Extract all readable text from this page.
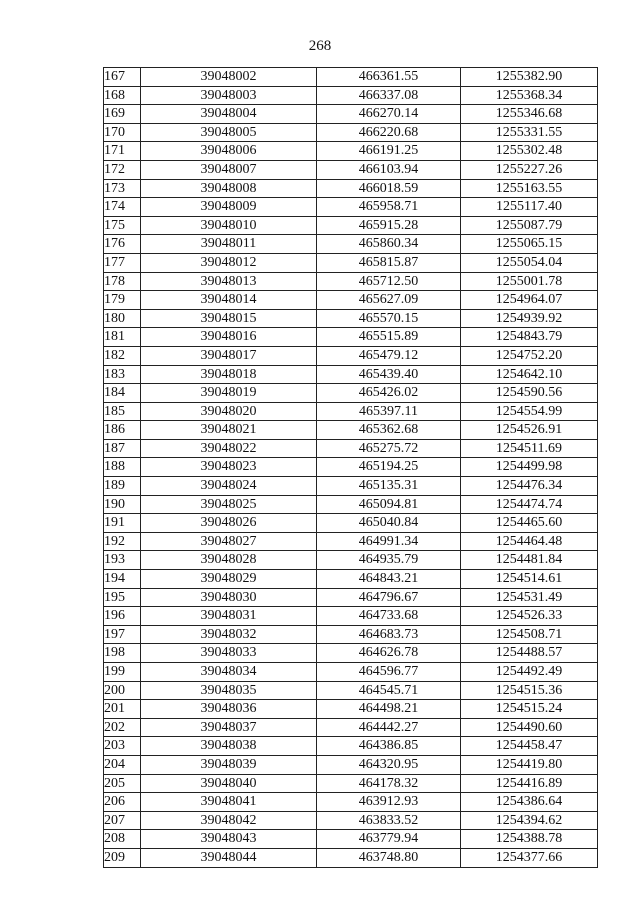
268
167	39048002	466361.55	1255382.90
168	39048003	466337.08	1255368.34
169	39048004	466270.14	1255346.68
170	39048005	466220.68	1255331.55
171	39048006	466191.25	1255302.48
172	39048007	466103.94	1255227.26
173	39048008	466018.59	1255163.55
174	39048009	465958.71	1255117.40
175	39048010	465915.28	1255087.79
176	39048011	465860.34	1255065.15
177	39048012	465815.87	1255054.04
178	39048013	465712.50	1255001.78
179	39048014	465627.09	1254964.07
180	39048015	465570.15	1254939.92
181	39048016	465515.89	1254843.79
182	39048017	465479.12	1254752.20
183	39048018	465439.40	1254642.10
184	39048019	465426.02	1254590.56
185	39048020	465397.11	1254554.99
186	39048021	465362.68	1254526.91
187	39048022	465275.72	1254511.69
188	39048023	465194.25	1254499.98
189	39048024	465135.31	1254476.34
190	39048025	465094.81	1254474.74
191	39048026	465040.84	1254465.60
192	39048027	464991.34	1254464.48
193	39048028	464935.79	1254481.84
194	39048029	464843.21	1254514.61
195	39048030	464796.67	1254531.49
196	39048031	464733.68	1254526.33
197	39048032	464683.73	1254508.71
198	39048033	464626.78	1254488.57
199	39048034	464596.77	1254492.49
200	39048035	464545.71	1254515.36
201	39048036	464498.21	1254515.24
202	39048037	464442.27	1254490.60
203	39048038	464386.85	1254458.47
204	39048039	464320.95	1254419.80
205	39048040	464178.32	1254416.89
206	39048041	463912.93	1254386.64
207	39048042	463833.52	1254394.62
208	39048043	463779.94	1254388.78
209	39048044	463748.80	1254377.66
